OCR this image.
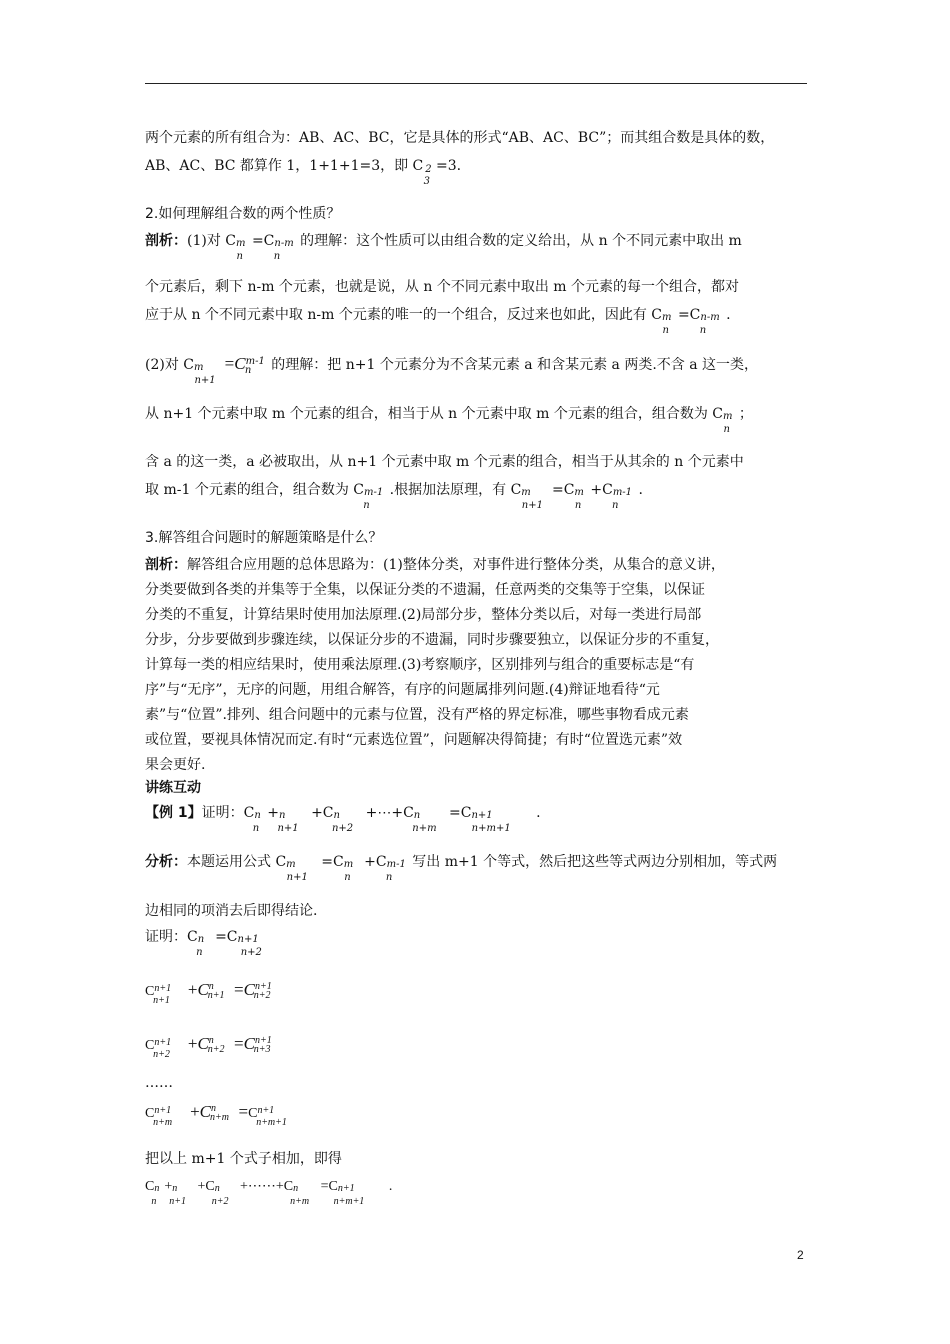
两个元素的所有组合为：AB、AC、BC，它是具体的形式“AB、AC、BC”；而其组合数是具体的数，
AB、AC、BC 都算作 1，1+1+1=3，即 C 23=3.
2.如何理解组合数的两个性质？
剖析：(1)对 Cmn=Cn-mn的理解：这个性质可以由组合数的定义给出，从 n 个不同元素中取出 m
个元素后，剩下 n-m 个元素，也就是说，从 n 个不同元素中取出 m 个元素的每一个组合，都对
应于从 n 个不同元素中取 n-m 个元素的唯一的一个组合，反过来也如此，因此有 Cmn=Cn-mn.
(2)对 Cmn+1=Cm-1n 的理解：把 n+1 个元素分为不含某元素 a 和含某元素 a 两类.不含 a 这一类，
从 n+1 个元素中取 m 个元素的组合，相当于从 n 个元素中取 m 个元素的组合，组合数为 Cmn；
含 a 的这一类，a 必被取出，从 n+1 个元素中取 m 个元素的组合，相当于从其余的 n 个元素中
取 m-1 个元素的组合，组合数为 Cm-1n.根据加法原理，有 Cmn+1=Cmn+Cm-1n.
3.解答组合问题时的解题策略是什么？
剖析：解答组合应用题的总体思路为：(1)整体分类，对事件进行整体分类，从集合的意义讲，
分类要做到各类的并集等于全集，以保证分类的不遗漏，任意两类的交集等于空集，以保证
分类的不重复，计算结果时使用加法原理.(2)局部分步，整体分类以后，对每一类进行局部
分步，分步要做到步骤连续，以保证分步的不遗漏，同时步骤要独立，以保证分步的不重复，
计算每一类的相应结果时，使用乘法原理.(3)考察顺序，区别排列与组合的重要标志是“有
序”与“无序”，无序的问题，用组合解答，有序的问题属排列问题.(4)辩证地看待“元
素”与“位置”.排列、组合问题中的元素与位置，没有严格的界定标准，哪些事物看成元素
或位置，要视具体情况而定.有时“元素选位置”，问题解决得简捷；有时“位置选元素”效
果会更好.
讲练互动
【例 1】证明：Cnn+nn+1 +Cnn+2 +⋯+Cnn+m =Cn+1n+m+1 .
分析：本题运用公式 Cmn+1 =Cmn +Cm-1n写出 m+1 个等式，然后把这些等式两边分别相加，等式两
边相同的项消去后即得结论.
证明：Cnn =Cn+1n+2
Cn+1n+1+Cnn+1 =Cn+1n+2
Cn+1n+2+Cnn+2 =Cn+1n+3
……
Cn+1n+m+Cnn+m =Cn+1n+m+1
把以上 m+1 个式子相加，即得
Cnn+nn+1 +Cnn+2 +⋯⋯+Cnn+m =Cn+1n+m+1 .
2
